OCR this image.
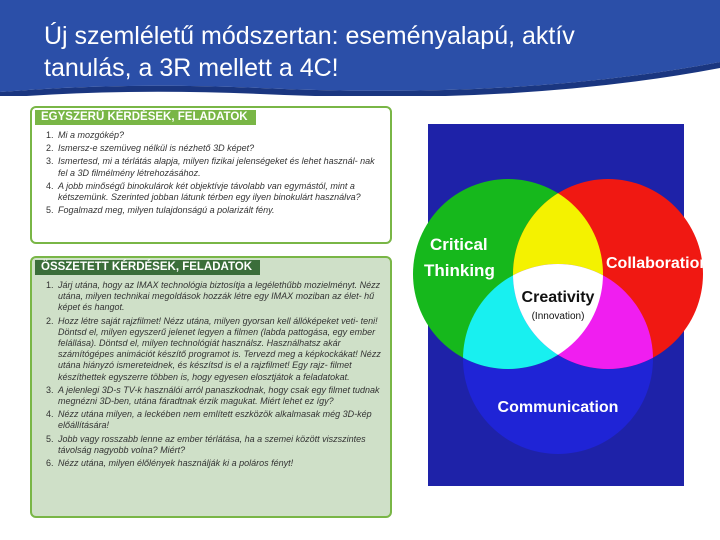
Új szemléletű módszertan: eseményalapú, aktív
tanulás, a 3R mellett a 4C!
EGYSZERŰ KÉRDÉSEK, FELADATOK
1. Mi a mozgókép?
2. Ismersz-e szemüveg nélkül is nézhető 3D képet?
3. Ismertesd, mi a térlátás alapja, milyen fizikai jelenségeket és lehet használ- nak fel a 3D filmélmény létrehozásához.
4. A jobb minőségű binokulárok két objektívje távolabb van egymástól, mint a kétszemünk. Szerinted jobban látunk térben egy ilyen binokulárt használva?
5. Fogalmazd meg, milyen tulajdonságú a polarizált fény.
ÖSSZETETT KÉRDÉSEK, FELADATOK
1. Járj utána, hogy az IMAX technológia biztosítja a legélethűbb mozielményt. Nézz utána, milyen technikai megoldások hozzák létre egy IMAX moziban az élet- hű képet és hangot.
2. Hozz létre saját rajzfilmet! Nézz utána, milyen gyorsan kell állóképeket veti- teni! Döntsd el, milyen egyszerű jelenet legyen a filmen (labda pattogása, egy ember felállása). Döntsd el, milyen technológiát használsz. Használhatsz akár számítógépes animációt készítő programot is. Tervezd meg a képkockákat! Nézz utána hiányzó ismereteidnek, és készítsd is el a rajzfilmet! Egy rajz- filmet készíthettek egyszerre többen is, hogy egyesen elosztjátok a feladatokat.
3. A jelenlegi 3D-s TV-k használói arról panaszkodnak, hogy csak egy filmet tudnak megnézni 3D-ben, utána fáradtnak érzik magukat. Miért lehet ez így?
4. Nézz utána milyen, a leckében nem említett eszközök alkalmasak még 3D-kép előállítására!
5. Jobb vagy rosszabb lenne az ember térlátása, ha a szemei között viszszintes távolság nagyobb volna? Miért?
6. Nézz utána, milyen élőlények használják ki a poláros fényt!
Critical
Thinking	Collaboration
Creativity
(Innovation)
Communication
